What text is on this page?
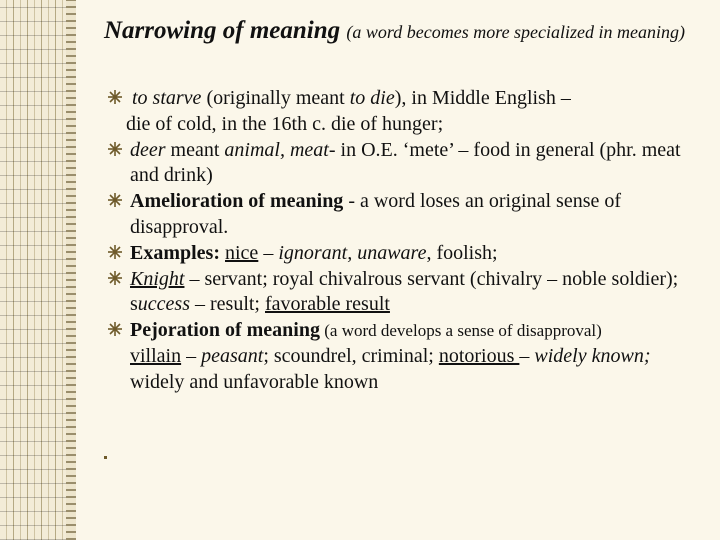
Narrowing of meaning (a word becomes more specialized in meaning)
to starve (originally meant to die), in Middle English –
die of cold, in the 16th c. die of hunger;
deer meant animal, meat- in O.E. ‘mete’ – food in general (phr. meat and drink)
Amelioration of meaning - a word loses an original sense of disapproval.
Examples: nice – ignorant, unaware, foolish;
Knight – servant; royal chivalrous servant (chivalry – noble soldier); success – result; favorable result
Pejoration of meaning (a word develops a sense of disapproval)
villain – peasant; scoundrel, criminal; notorious – widely known; widely and unfavorable known
